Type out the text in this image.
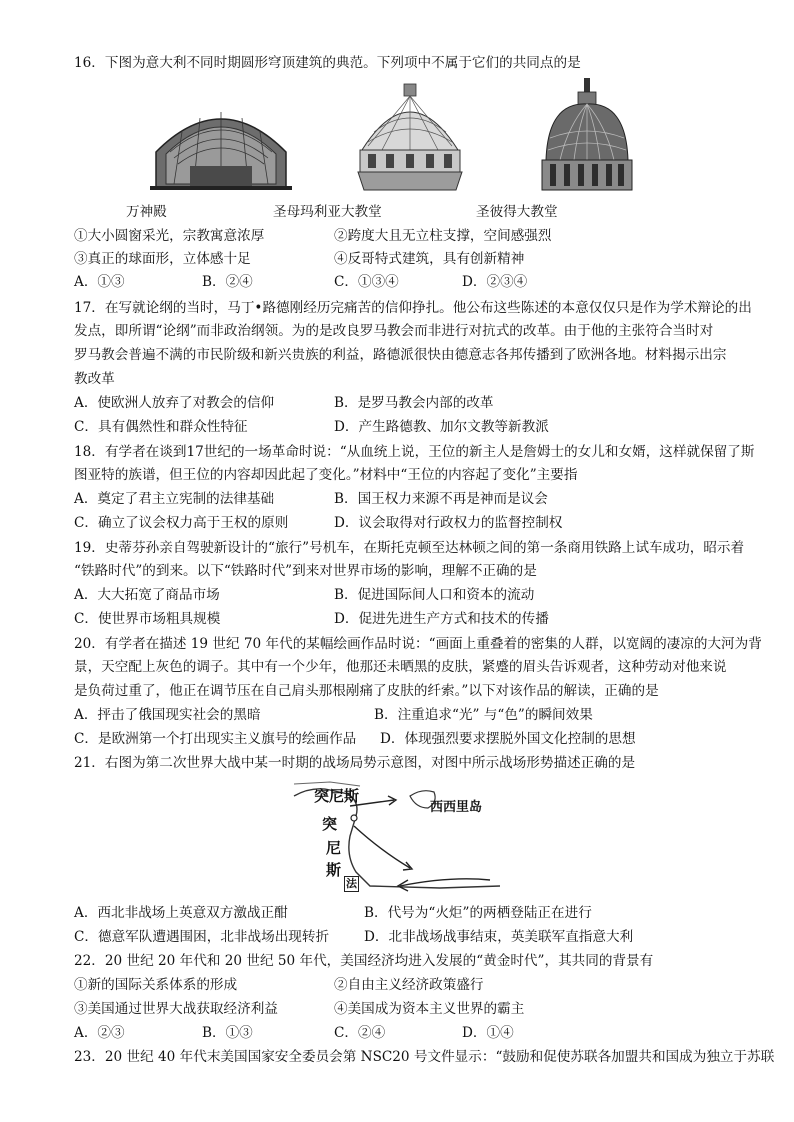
16．下图为意大利不同时期圆形穹顶建筑的典范。下列项中不属于它们的共同点的是
万神殿	圣母玛利亚大教堂	圣彼得大教堂
①大小圆窗采光，宗教寓意浓厚	②跨度大且无立柱支撑，空间感强烈
③真正的球面形，立体感十足	④反哥特式建筑，具有创新精神
A．①③	B．②④	C．①③④	D．②③④
17．在写就论纲的当时，马丁•路德刚经历完痛苦的信仰挣扎。他公布这些陈述的本意仅仅只是作为学术辩论的出
发点，即所谓“论纲”而非政治纲领。为的是改良罗马教会而非进行对抗式的改革。由于他的主张符合当时对
罗马教会普遍不满的市民阶级和新兴贵族的利益，路德派很快由德意志各邦传播到了欧洲各地。材料揭示出宗
教改革
A．使欧洲人放弃了对教会的信仰	B．是罗马教会内部的改革
C．具有偶然性和群众性特征	D．产生路德教、加尔文教等新教派
18．有学者在谈到17世纪的一场革命时说：“从血统上说，王位的新主人是詹姆士的女儿和女婿，这样就保留了斯
图亚特的族谱，但王位的内容却因此起了变化。”材料中“王位的内容起了变化”主要指
A．奠定了君主立宪制的法律基础	B．国王权力来源不再是神而是议会
C．确立了议会权力高于王权的原则	D．议会取得对行政权力的监督控制权
19．史蒂芬孙亲自驾驶新设计的“旅行”号机车，在斯托克顿至达林顿之间的第一条商用铁路上试车成功，昭示着
“铁路时代”的到来。以下“铁路时代”到来对世界市场的影响，理解不正确的是
A．大大拓宽了商品市场	B．促进国际间人口和资本的流动
C．使世界市场粗具规模	D．促进先进生产方式和技术的传播
20．有学者在描述 19 世纪 70 年代的某幅绘画作品时说：“画面上重叠着的密集的人群，以宽阔的凄凉的大河为背
景，天空配上灰色的调子。其中有一个少年，他那还未晒黑的皮肤，紧蹙的眉头告诉观者，这种劳动对他来说
是负荷过重了，他正在调节压在自己肩头那根剐痛了皮肤的纤索。”以下对该作品的解读，正确的是
A．抨击了俄国现实社会的黑暗	B．注重追求“光” 与“色”的瞬间效果
C．是欧洲第一个打出现实主义旗号的绘画作品 D．体现强烈要求摆脱外国文化控制的思想
21．右图为第二次世界大战中某一时期的战场局势示意图，对图中所示战场形势描述正确的是
突尼斯
西西里岛
突
尼
斯
法
A．西北非战场上英意双方激战正酣	B．代号为“火炬”的两栖登陆正在进行
C．德意军队遭遇围困，北非战场出现转折	D．北非战场战事结束，英美联军直指意大利
22．20 世纪 20 年代和 20 世纪 50 年代，美国经济均进入发展的“黄金时代”，其共同的背景有
①新的国际关系体系的形成	②自由主义经济政策盛行
③美国通过世界大战获取经济利益	④美国成为资本主义世界的霸主
A．②③	B．①③	C．②④	D．①④
23．20 世纪 40 年代末美国国家安全委员会第 NSC20 号文件显示：“鼓励和促使苏联各加盟共和国成为独立于苏联
